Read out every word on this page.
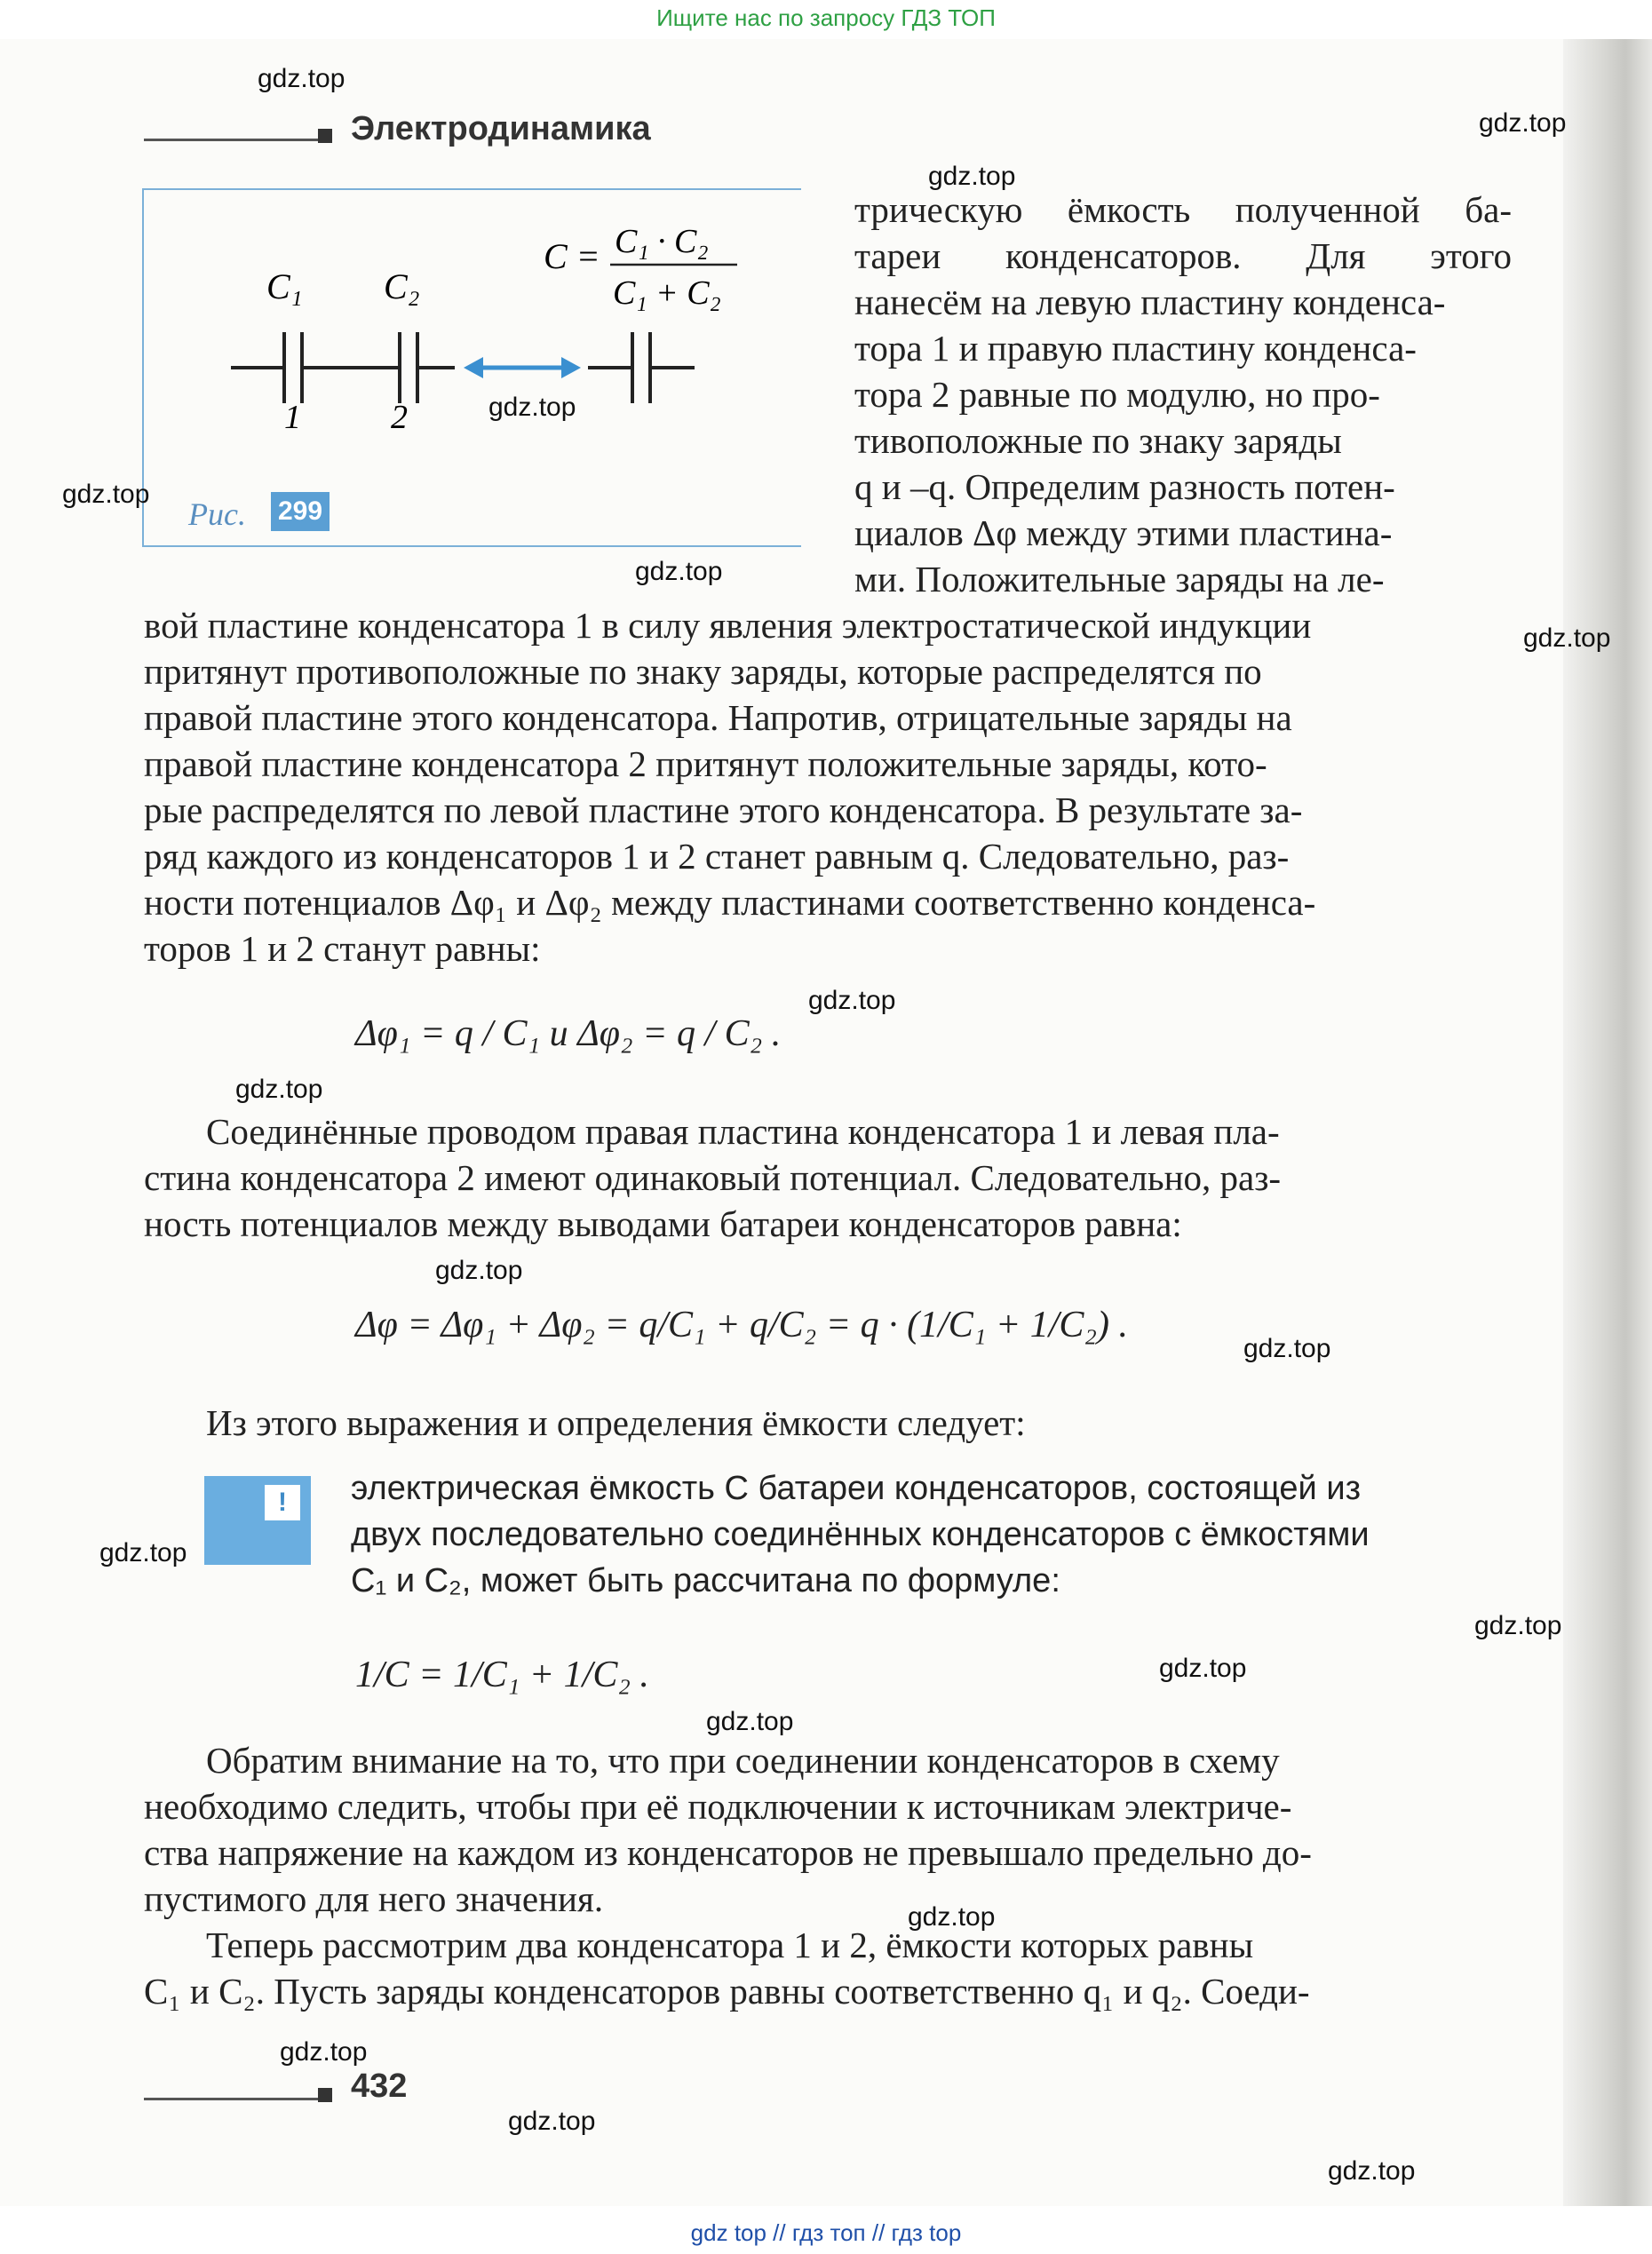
Ищите нас по запросу ГДЗ ТОП
Электродинамика
C = C₁ · C₂
C₁ + C₂
C₁ C₂
1	2
Рис. 299
трическую ёмкость полученной ба-
тареи конденсаторов. Для этого
нанесём на левую пластину конденса-
тора 1 и правую пластину конденса-
тора 2 равные по модулю, но про-
тивоположные по знаку заряды
q и –q. Определим разность потен-
циалов Δφ между этими пластина-
ми. Положительные заряды на ле-
вой пластине конденсатора 1 в силу явления электростатической индукции
притянут противоположные по знаку заряды, которые распределятся по
правой пластине этого конденсатора. Напротив, отрицательные заряды на
правой пластине конденсатора 2 притянут положительные заряды, кото-
рые распределятся по левой пластине этого конденсатора. В результате за-
ряд каждого из конденсаторов 1 и 2 станет равным q. Следовательно, раз-
ности потенциалов Δφ₁ и Δφ₂ между пластинами соответственно конденса-
торов 1 и 2 станут равны:
Δφ₁ = q / C₁ и Δφ₂ = q / C₂ .
Соединённые проводом правая пластина конденсатора 1 и левая пла-
стина конденсатора 2 имеют одинаковый потенциал. Следовательно, раз-
ность потенциалов между выводами батареи конденсаторов равна:
Δφ = Δφ₁ + Δφ₂ = q/C₁ + q/C₂ = q · (1/C₁ + 1/C₂) .
Из этого выражения и определения ёмкости следует:
!	электрическая ёмкость C батареи конденсаторов, состоящей из
двух последовательно соединённых конденсаторов с ёмкостями
C₁ и C₂, может быть рассчитана по формуле:
1/C = 1/C₁ + 1/C₂ .
Обратим внимание на то, что при соединении конденсаторов в схему
необходимо следить, чтобы при её подключении к источникам электриче-
ства напряжение на каждом из конденсаторов не превышало предельно до-
пустимого для него значения.
Теперь рассмотрим два конденсатора 1 и 2, ёмкости которых равны
C₁ и C₂. Пусть заряды конденсаторов равны соответственно q₁ и q₂. Соеди-
432
gdz.top
gdz.top
gdz.top
gdz.top
gdz.top
gdz.top
gdz.top
gdz.top
gdz.top
gdz.top
gdz.top
gdz.top
gdz.top
gdz.top
gdz.top
gdz.top
gdz.top
gdz.top
gdz.top
gdz top // гдз топ // гдз top
